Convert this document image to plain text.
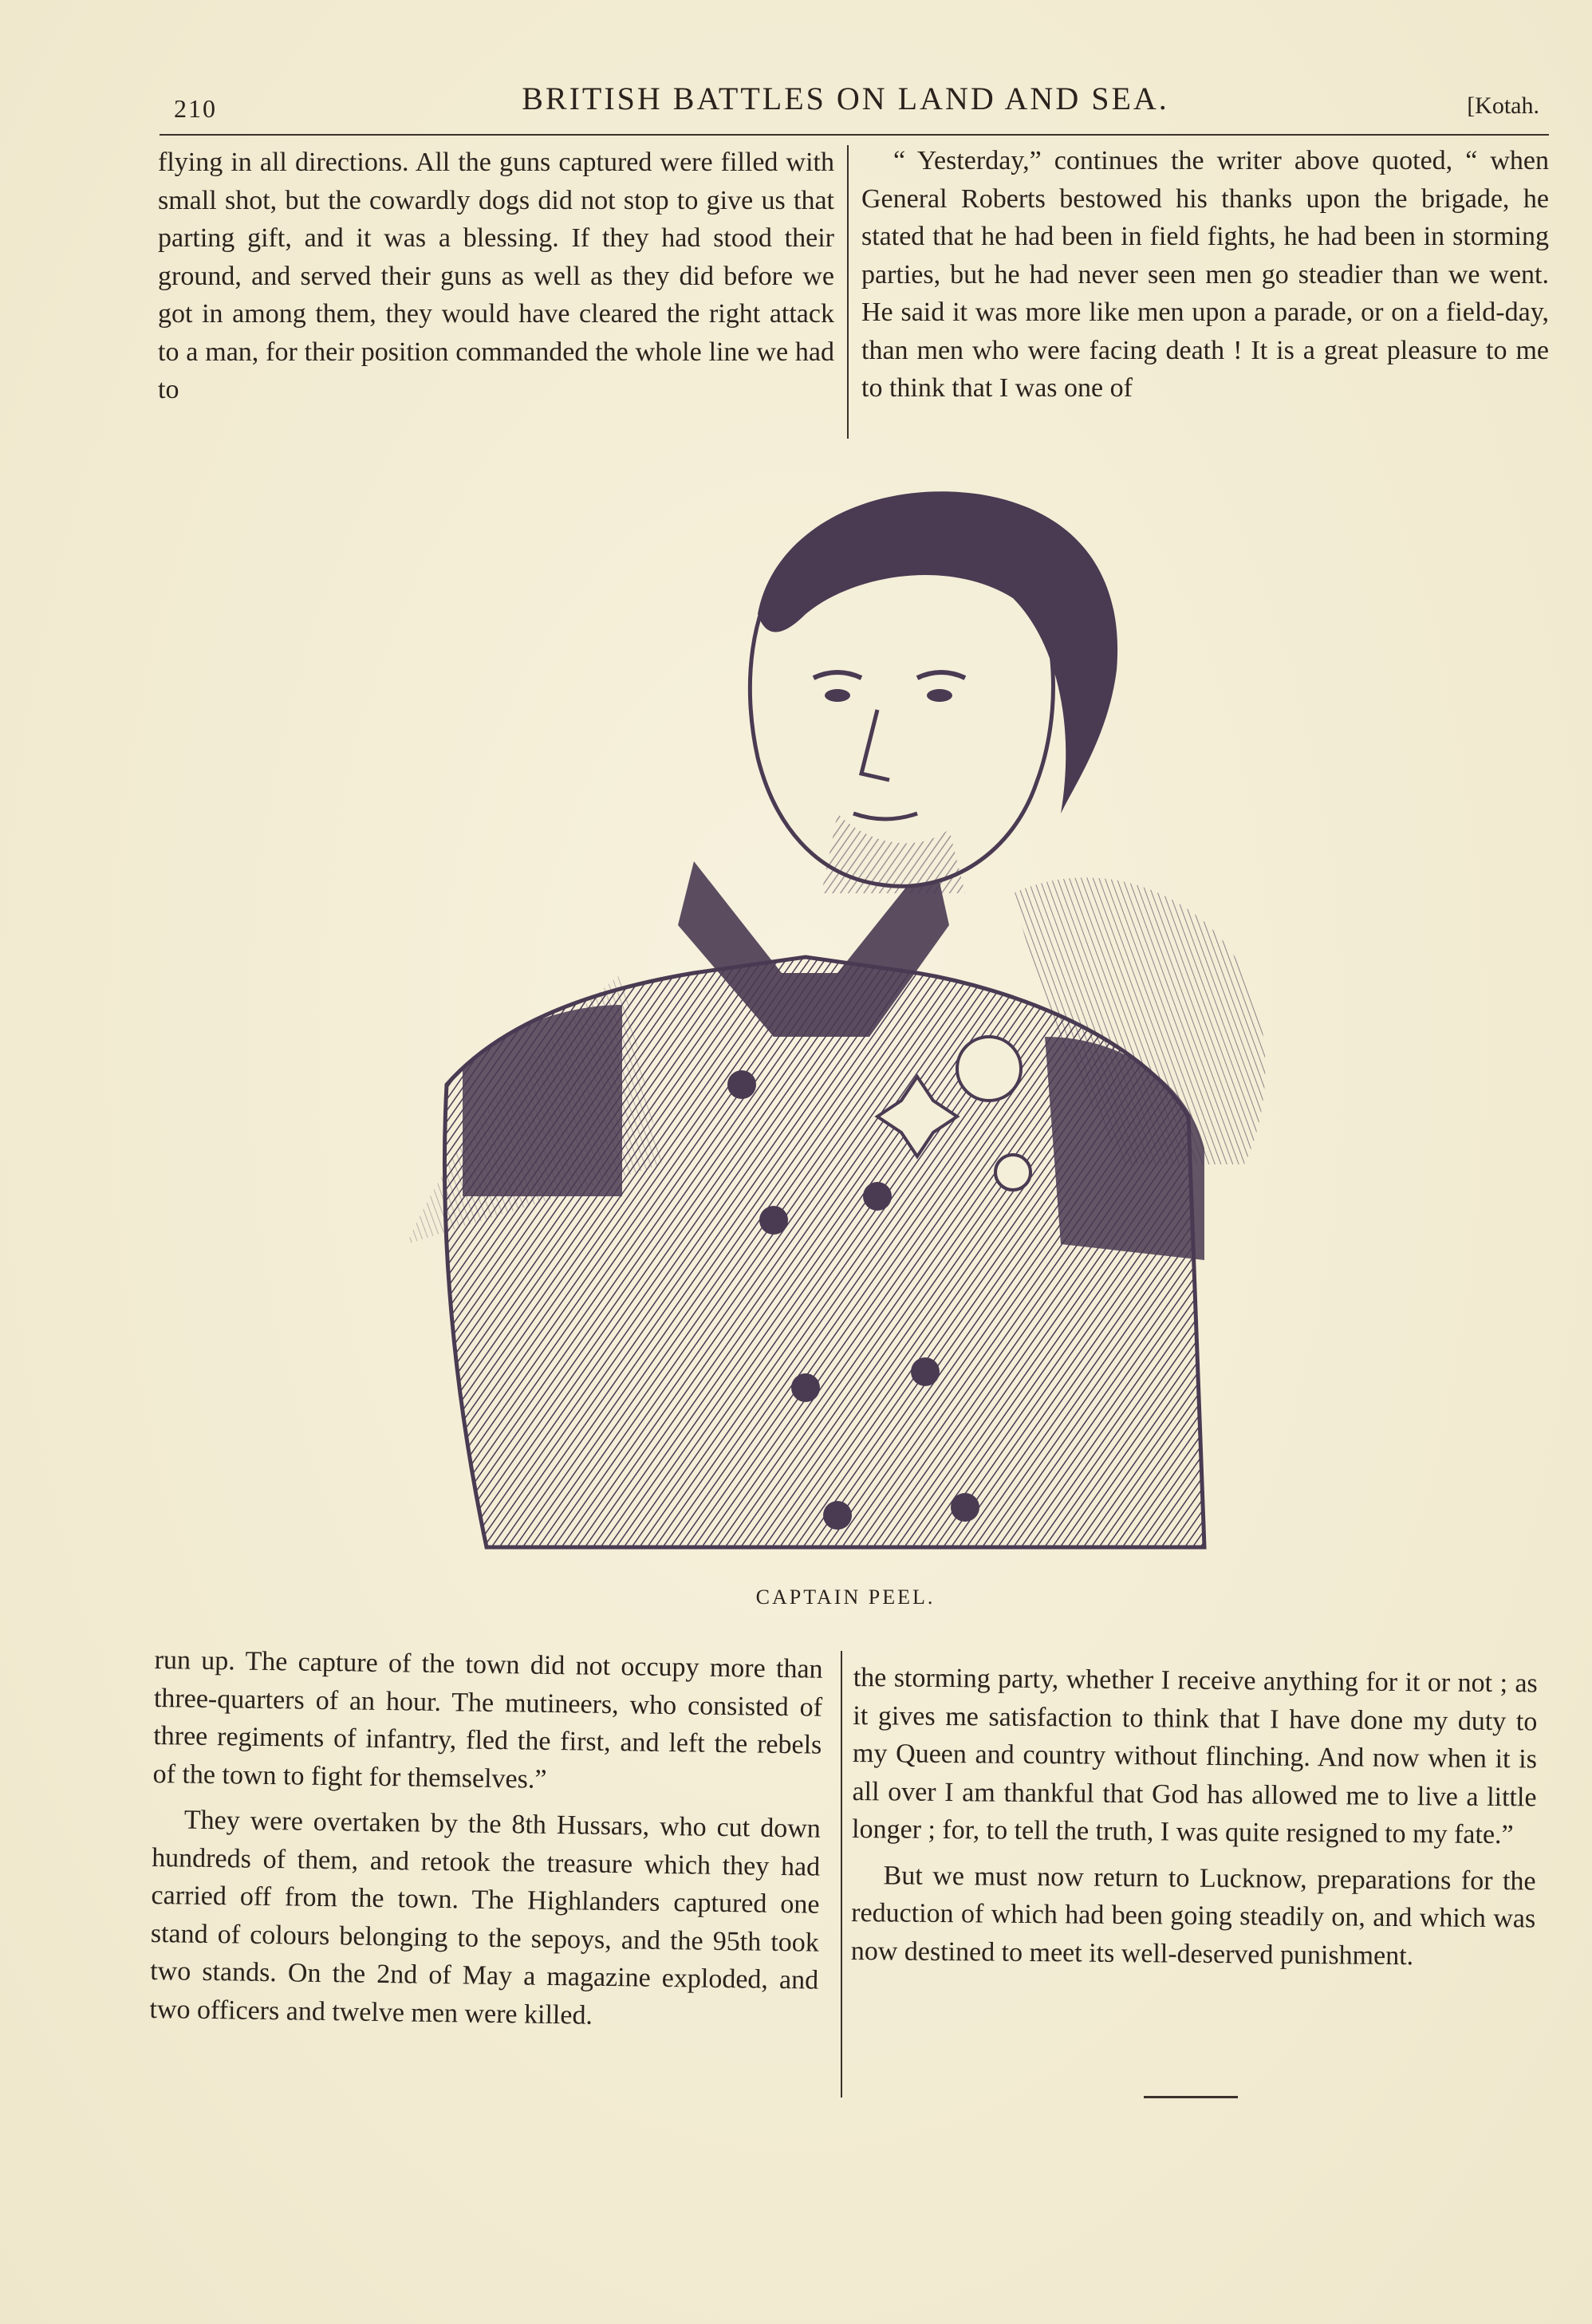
210	BRITISH BATTLES ON LAND AND SEA.	[Kotah.

flying in all directions. All the guns captured were filled with small shot, but the cowardly dogs did not stop to give us that parting gift, and it was a blessing. If they had stood their ground, and served their guns as well as they did before we got in among them, they would have cleared the right attack to a man, for their position commanded the whole line we had to

“ Yesterday,” continues the writer above quoted, “ when General Roberts bestowed his thanks upon the brigade, he stated that he had been in field fights, he had been in storming parties, but he had never seen men go steadier than we went. He said it was more like men upon a parade, or on a field-day, than men who were facing death ! It is a great pleasure to me to think that I was one of

CAPTAIN PEEL.

run up. The capture of the town did not occupy more than three-quarters of an hour. The mutineers, who consisted of three regiments of infantry, fled the first, and left the rebels of the town to fight for themselves.”

They were overtaken by the 8th Hussars, who cut down hundreds of them, and retook the treasure which they had carried off from the town. The Highlanders captured one stand of colours belonging to the sepoys, and the 95th took two stands. On the 2nd of May a magazine exploded, and two officers and twelve men were killed.

the storming party, whether I receive anything for it or not ; as it gives me satisfaction to think that I have done my duty to my Queen and country without flinching. And now when it is all over I am thankful that God has allowed me to live a little longer ; for, to tell the truth, I was quite resigned to my fate.”

But we must now return to Lucknow, preparations for the reduction of which had been going steadily on, and which was now destined to meet its well-deserved punishment.
